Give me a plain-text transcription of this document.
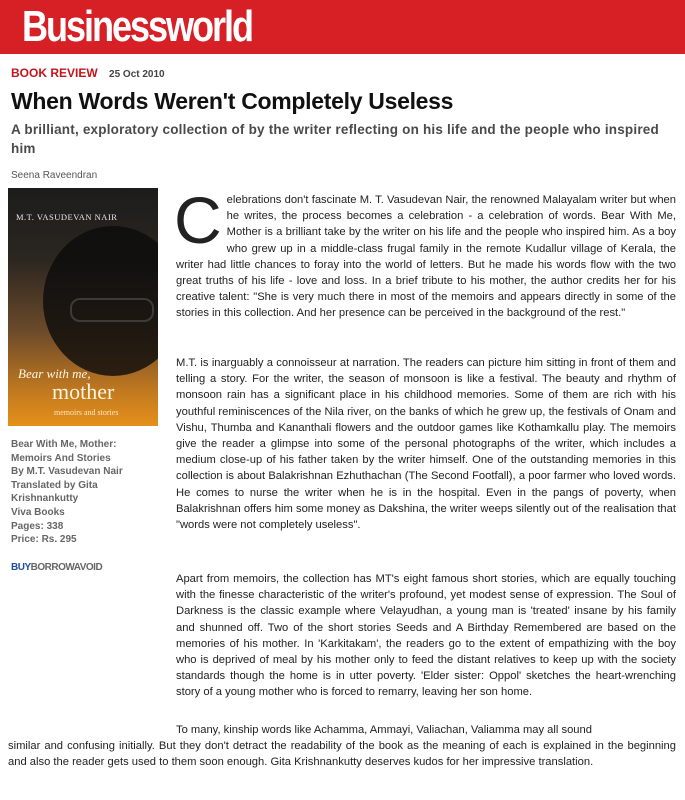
Businessworld
BOOK REVIEW 25 Oct 2010
When Words Weren't Completely Useless

A brilliant, exploratory collection of by the writer reflecting on his life and the people who inspired him

Seena Raveendran
M.T. VASUDEVAN NAIR
Bear with me,
mother
memoirs and stories
Bear With Me, Mother:
Memoirs And Stories
By M.T. Vasudevan Nair
Translated by Gita
Krishnankutty
Viva Books
Pages: 338
Price: Rs. 295
BUYBORROWAVOID

Celebrations don't fascinate M. T. Vasudevan Nair, the renowned Malayalam writer but when he writes, the process becomes a celebration - a celebration of words. Bear With Me, Mother is a brilliant take by the writer on his life and the people who inspired him. As a boy who grew up in a middle-class frugal family in the remote Kudallur village of Kerala, the writer had little chances to foray into the world of letters. But he made his words flow with the two great truths of his life - love and loss. In a brief tribute to his mother, the author credits her for his creative talent: "She is very much there in most of the memoirs and appears directly in some of the stories in this collection. And her presence can be perceived in the background of the rest."

M.T. is inarguably a connoisseur at narration. The readers can picture him sitting in front of them and telling a story. For the writer, the season of monsoon is like a festival. The beauty and rhythm of monsoon rain has a significant place in his childhood memories. Some of them are rich with his youthful reminiscences of the Nila river, on the banks of which he grew up, the festivals of Onam and Vishu, Thumba and Kananthali flowers and the outdoor games like Kothamkallu play. The memoirs give the reader a glimpse into some of the personal photographs of the writer, which includes a medium close-up of his father taken by the writer himself. One of the outstanding memories in this collection is about Balakrishnan Ezhuthachan (The Second Footfall), a poor farmer who loved words. He comes to nurse the writer when he is in the hospital. Even in the pangs of poverty, when Balakrishnan offers him some money as Dakshina, the writer weeps silently out of the realisation that "words were not completely useless".

Apart from memoirs, the collection has MT's eight famous short stories, which are equally touching with the finesse characteristic of the writer's profound, yet modest sense of expression. The Soul of Darkness is the classic example where Velayudhan, a young man is 'treated' insane by his family and shunned off. Two of the short stories Seeds and A Birthday Remembered are based on the memories of his mother. In 'Karkitakam', the readers go to the extent of empathizing with the boy who is deprived of meal by his mother only to feed the distant relatives to keep up with the society standards though the home is in utter poverty. 'Elder sister: Oppol' sketches the heart-wrenching story of a young mother who is forced to remarry, leaving her son home.

To many, kinship words like Achamma, Ammayi, Valiachan, Valiamma may all sound

similar and confusing initially. But they don't detract the readability of the book as the meaning of each is explained in the beginning and also the reader gets used to them soon enough. Gita Krishnankutty deserves kudos for her impressive translation.
